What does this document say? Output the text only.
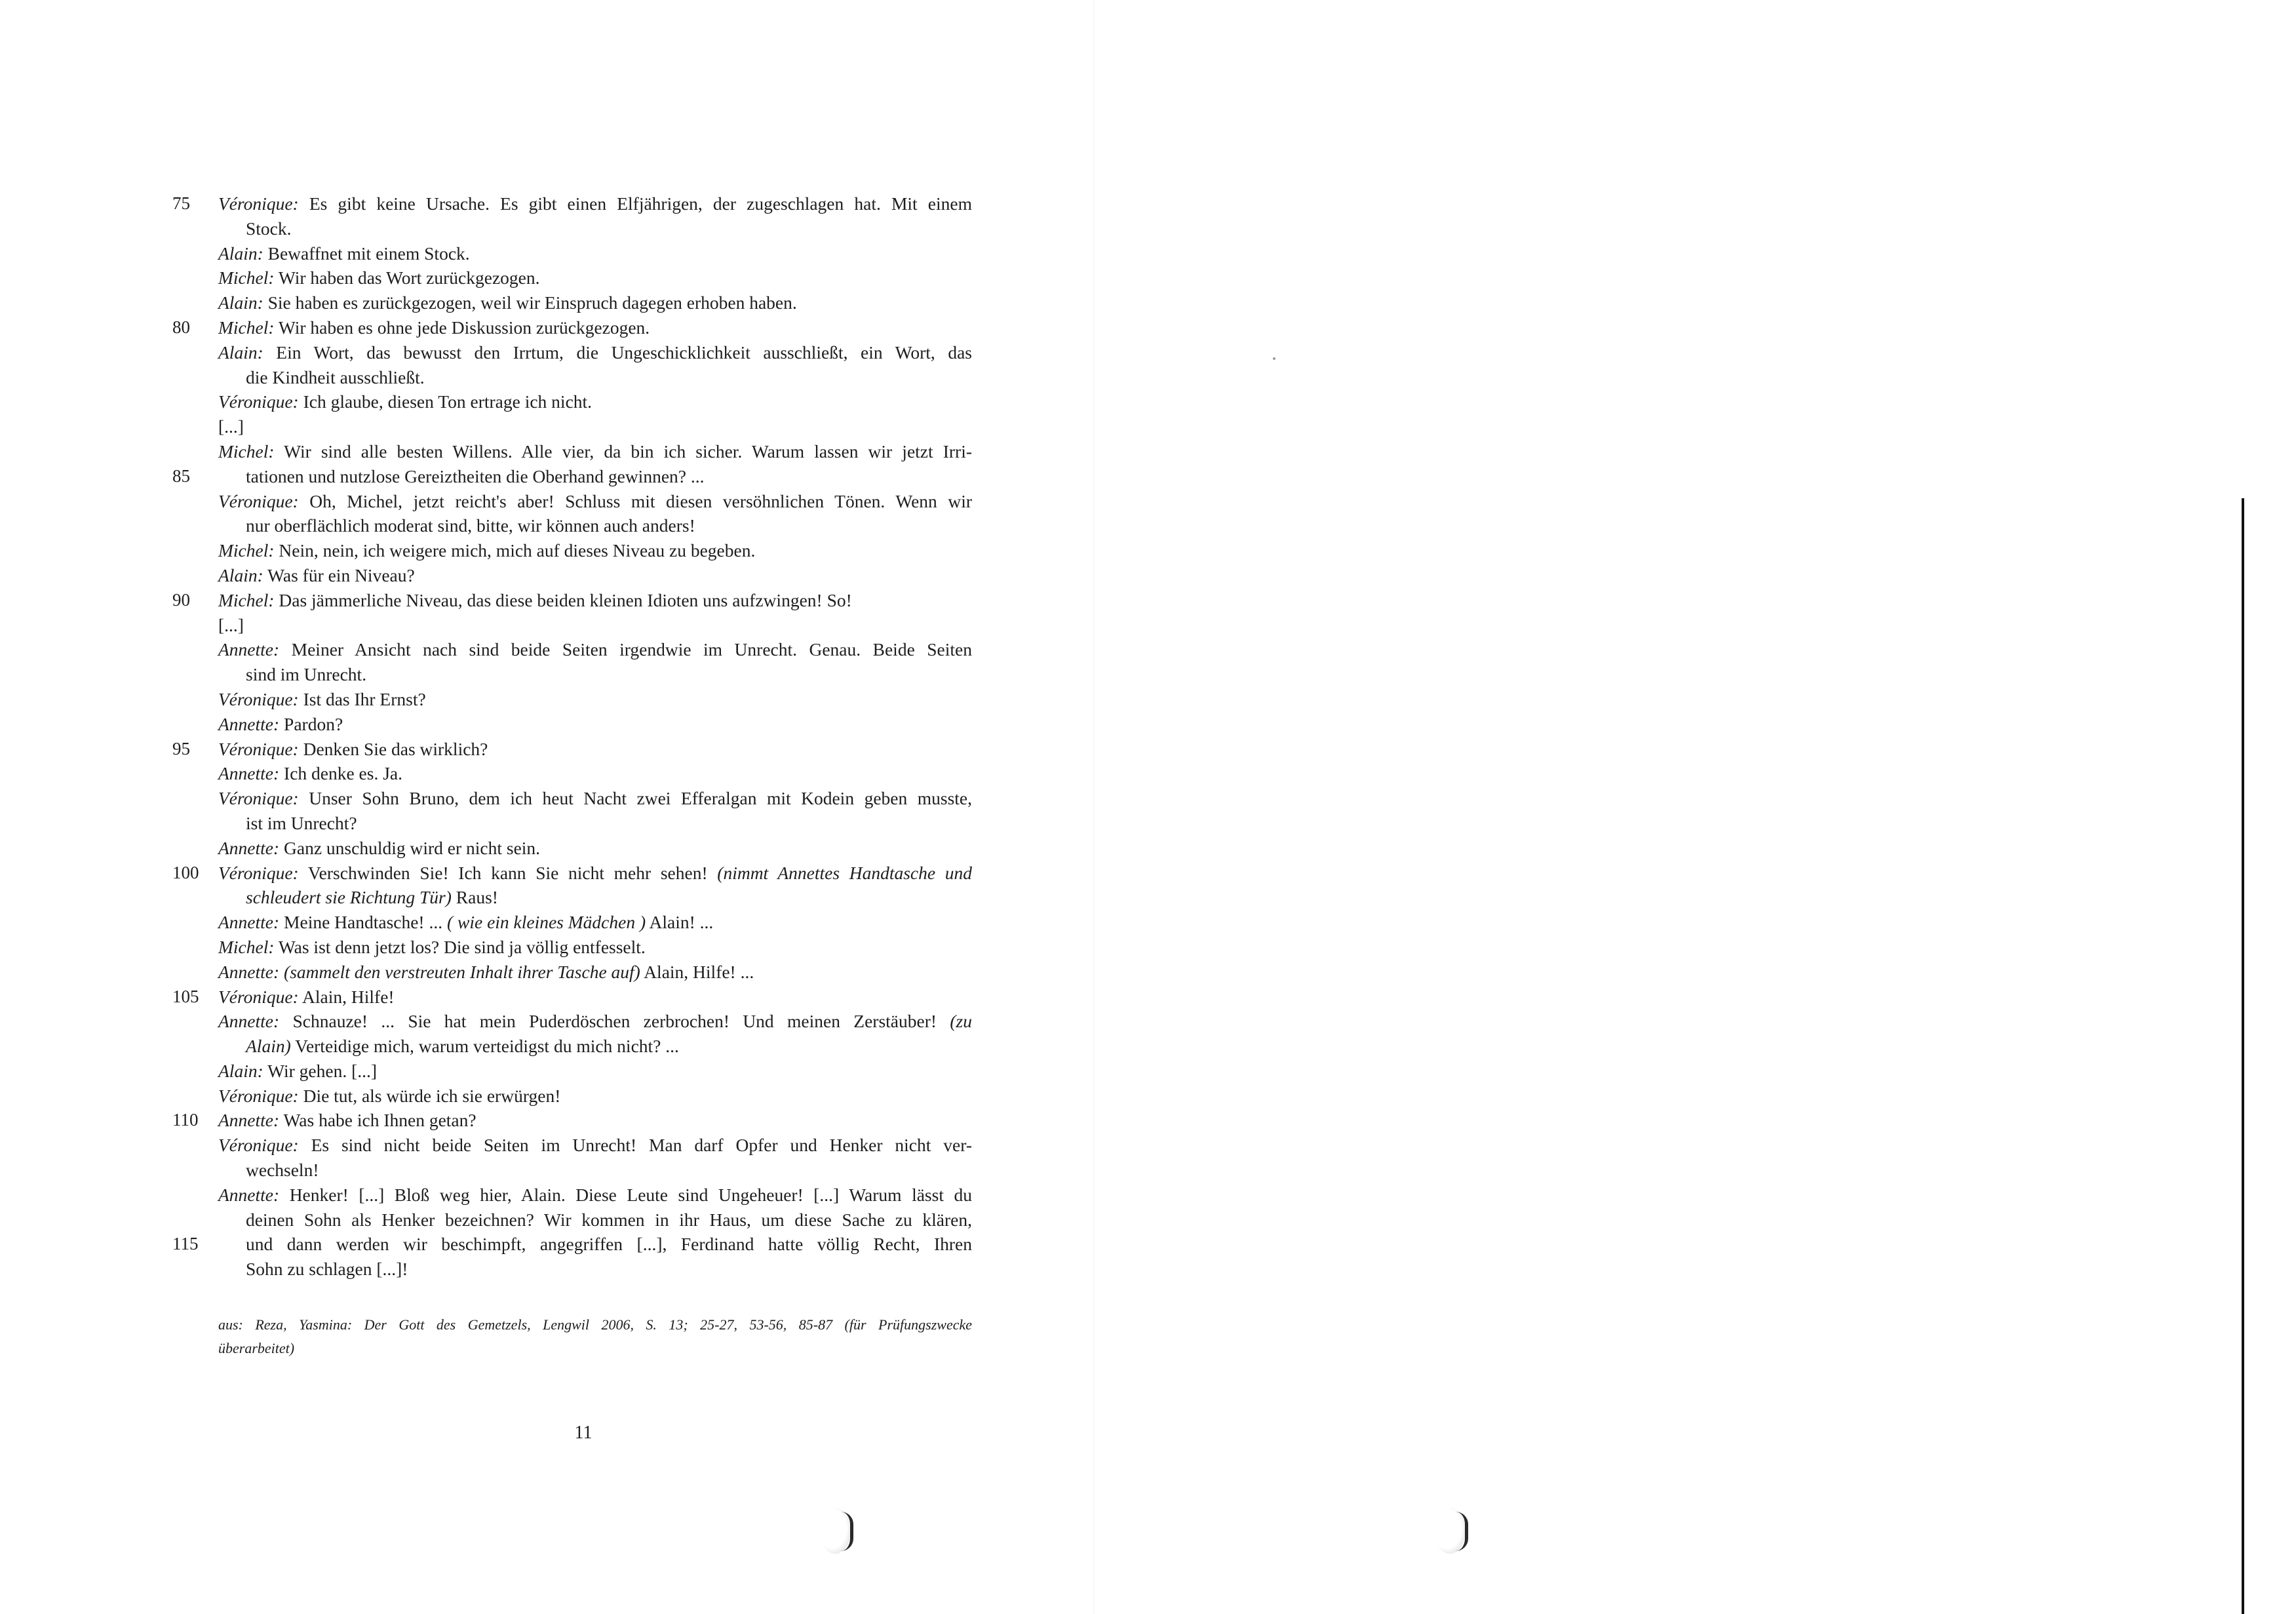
75	Véronique: Es gibt keine Ursache. Es gibt einen Elfjährigen, der zugeschlagen hat. Mit einem
Stock.
Alain: Bewaffnet mit einem Stock.
Michel: Wir haben das Wort zurückgezogen.
Alain: Sie haben es zurückgezogen, weil wir Einspruch dagegen erhoben haben.
80	Michel: Wir haben es ohne jede Diskussion zurückgezogen.
Alain: Ein Wort, das bewusst den Irrtum, die Ungeschicklichkeit ausschließt, ein Wort, das
die Kindheit ausschließt.
Véronique: Ich glaube, diesen Ton ertrage ich nicht.
[...]
Michel: Wir sind alle besten Willens. Alle vier, da bin ich sicher. Warum lassen wir jetzt Irri-
85	tationen und nutzlose Gereiztheiten die Oberhand gewinnen? ...
Véronique: Oh, Michel, jetzt reicht's aber! Schluss mit diesen versöhnlichen Tönen. Wenn wir
nur oberflächlich moderat sind, bitte, wir können auch anders!
Michel: Nein, nein, ich weigere mich, mich auf dieses Niveau zu begeben.
Alain: Was für ein Niveau?
90	Michel: Das jämmerliche Niveau, das diese beiden kleinen Idioten uns aufzwingen! So!
[...]
Annette: Meiner Ansicht nach sind beide Seiten irgendwie im Unrecht. Genau. Beide Seiten
sind im Unrecht.
Véronique: Ist das Ihr Ernst?
Annette: Pardon?
95	Véronique: Denken Sie das wirklich?
Annette: Ich denke es. Ja.
Véronique: Unser Sohn Bruno, dem ich heut Nacht zwei Efferalgan mit Kodein geben musste,
ist im Unrecht?
Annette: Ganz unschuldig wird er nicht sein.
100	Véronique: Verschwinden Sie! Ich kann Sie nicht mehr sehen! (nimmt Annettes Handtasche und
schleudert sie Richtung Tür) Raus!
Annette: Meine Handtasche! ... ( wie ein kleines Mädchen ) Alain! ...
Michel: Was ist denn jetzt los? Die sind ja völlig entfesselt.
Annette: (sammelt den verstreuten Inhalt ihrer Tasche auf) Alain, Hilfe! ...
105	Véronique: Alain, Hilfe!
Annette: Schnauze! ... Sie hat mein Puderdöschen zerbrochen! Und meinen Zerstäuber! (zu
Alain) Verteidige mich, warum verteidigst du mich nicht? ...
Alain: Wir gehen. [...]
Véronique: Die tut, als würde ich sie erwürgen!
110	Annette: Was habe ich Ihnen getan?
Véronique: Es sind nicht beide Seiten im Unrecht! Man darf Opfer und Henker nicht ver-
wechseln!
Annette: Henker! [...] Bloß weg hier, Alain. Diese Leute sind Ungeheuer! [...] Warum lässt du
deinen Sohn als Henker bezeichnen? Wir kommen in ihr Haus, um diese Sache zu klären,
115	und dann werden wir beschimpft, angegriffen [...], Ferdinand hatte völlig Recht, Ihren
Sohn zu schlagen [...]!
aus: Reza, Yasmina: Der Gott des Gemetzels, Lengwil 2006, S. 13; 25-27, 53-56, 85-87 (für Prüfungszwecke
überarbeitet)
11
